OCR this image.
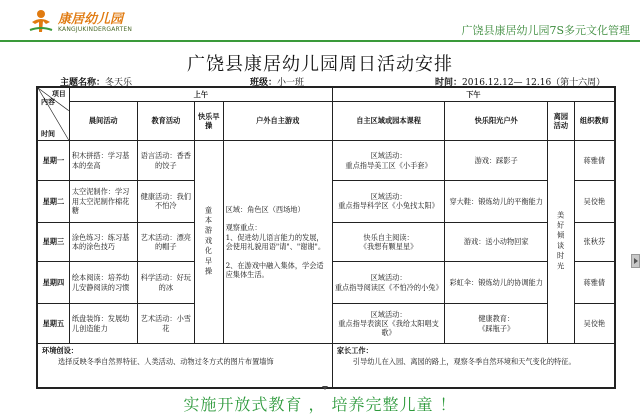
康居幼儿园
KANGJUKINDERGARTEN	广饶县康居幼儿园7S多元文化管理
广饶县康居幼儿园周日活动安排
主题名称：冬天乐	班级：小一班	时间：2016.12.12— 12.16（第十六周）
项目
内容
时间	上午				下午			
	晨间活动	教育活动	快乐早操	户外自主游戏	自主区域或园本课程	快乐阳光户外	离园活动	组织教师
星期一	积木拼搭：学习基本的垒高	语言活动：香香的饺子	童本游戏化早操	区域：角色区（西场地）

观察重点：
1、促进幼儿语言能力的发展，会使用礼貌用语"请"、"谢谢"。

2、在游戏中融入集体，学会适应集体生活。	区域活动：
重点指导美工区《小手套》	游戏：踩影子	美好倾谈时光	蒋雅倩
星期二	太空泥制作：学习用太空泥制作棉花糖	健康活动：我们不怕冷			区域活动：
重点指导科学区《小兔找太阳》	穿大鞋：锻炼幼儿的平衡能力		吴佼艳
星期三	涂色练习：练习基本的涂色技巧	艺术活动：漂亮的帽子			快乐自主阅读：
《我想有颗星星》	游戏：送小动物回家		张秋芬
星期四	绘本阅读：培养幼儿安静阅读的习惯	科学活动：好玩的冰			区域活动：
重点指导阅读区《不怕冷的小兔》	彩虹伞：锻炼幼儿的协调能力		蒋雅倩
星期五	纸盘装饰：发展幼儿创造能力	艺术活动：小雪花			区域活动：
重点指导表演区《我给太阳唱支歌》	健康教育：
《踩瓶子》		吴佼艳

环境创设：
选择反映冬季自然界特征、人类活动、动物过冬方式的图片布置墙饰					家长工作：
引导幼儿在入园、离园的路上，观察冬季自然环境和天气变化的特征。			
实施开放式教育 ， 培养完整儿童 ！
